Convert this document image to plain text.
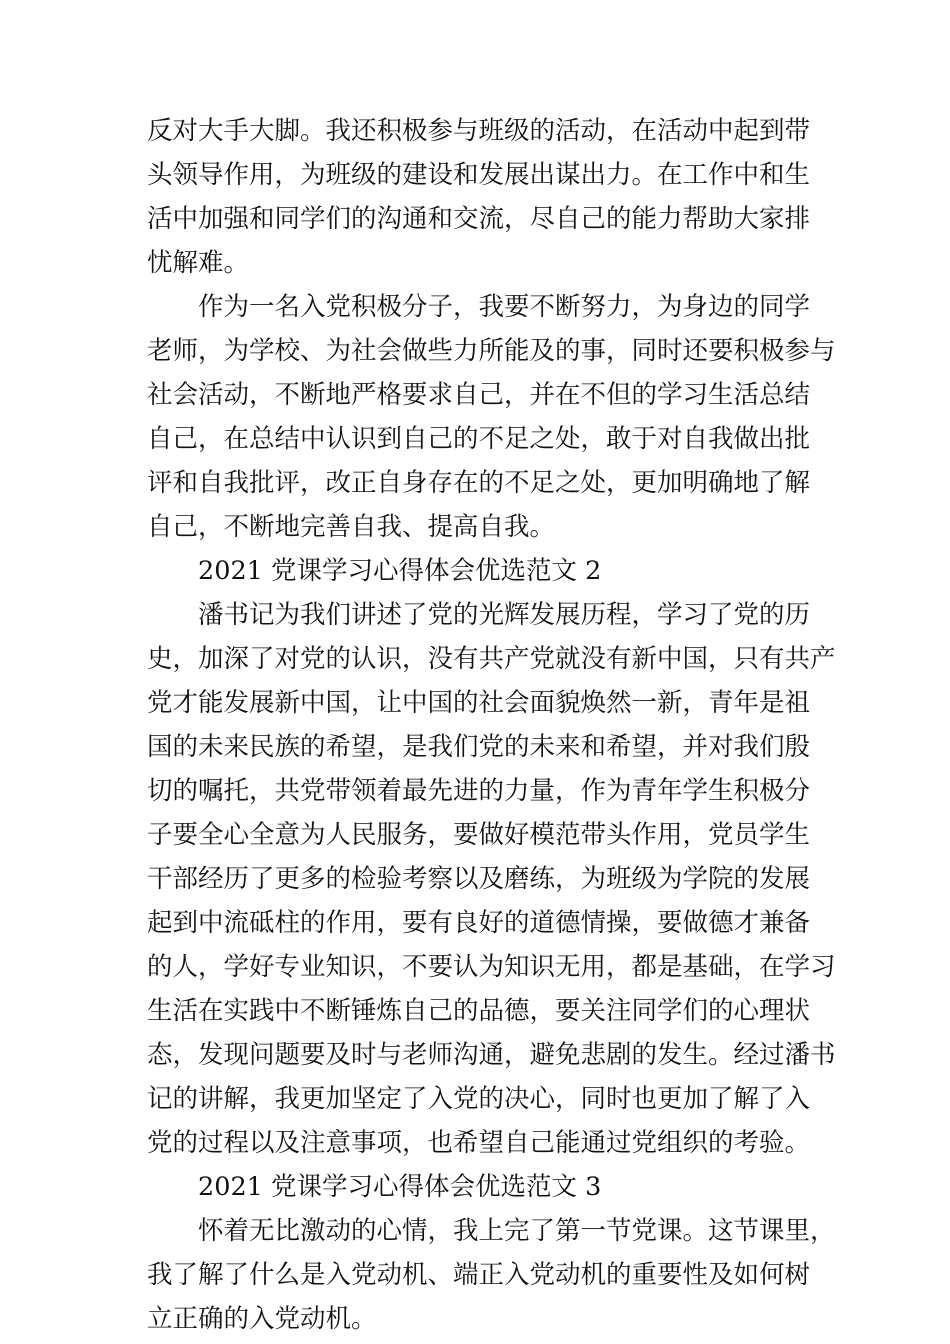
反对大手大脚。我还积极参与班级的活动，在活动中起到带
头领导作用，为班级的建设和发展出谋出力。在工作中和生
活中加强和同学们的沟通和交流，尽自己的能力帮助大家排
忧解难。
作为一名入党积极分子，我要不断努力，为身边的同学
老师，为学校、为社会做些力所能及的事，同时还要积极参与
社会活动，不断地严格要求自己，并在不但的学习生活总结
自己，在总结中认识到自己的不足之处，敢于对自我做出批
评和自我批评，改正自身存在的不足之处，更加明确地了解
自己，不断地完善自我、提高自我。
2021 党课学习心得体会优选范文 2
潘书记为我们讲述了党的光辉发展历程，学习了党的历
史，加深了对党的认识，没有共产党就没有新中国，只有共产
党才能发展新中国，让中国的社会面貌焕然一新，青年是祖
国的未来民族的希望，是我们党的未来和希望，并对我们殷
切的嘱托，共党带领着最先进的力量，作为青年学生积极分
子要全心全意为人民服务，要做好模范带头作用，党员学生
干部经历了更多的检验考察以及磨练，为班级为学院的发展
起到中流砥柱的作用，要有良好的道德情操，要做德才兼备
的人，学好专业知识，不要认为知识无用，都是基础，在学习
生活在实践中不断锤炼自己的品德，要关注同学们的心理状
态，发现问题要及时与老师沟通，避免悲剧的发生。经过潘书
记的讲解，我更加坚定了入党的决心，同时也更加了解了入
党的过程以及注意事项，也希望自己能通过党组织的考验。
2021 党课学习心得体会优选范文 3
怀着无比激动的心情，我上完了第一节党课。这节课里，
我了解了什么是入党动机、端正入党动机的重要性及如何树
立正确的入党动机。
